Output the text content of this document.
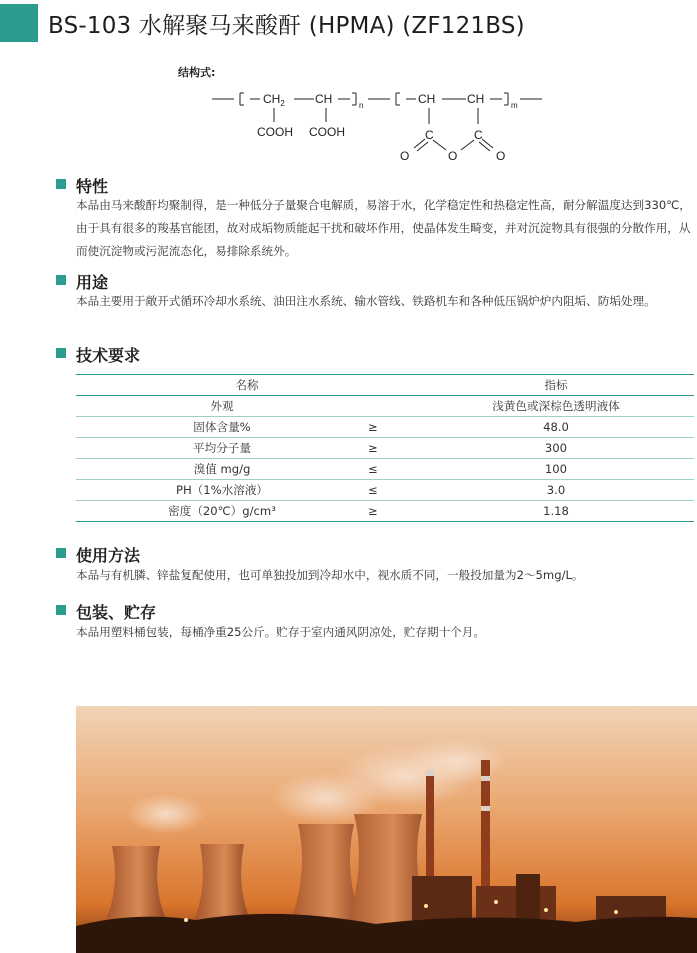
BS-103 水解聚马来酸酐 (HPMA) (ZF121BS)
结构式:
$CH_2$	CH	n	CH	CH	m
COOH COOH	C	C
O	O	O
特性
本品由马来酸酐均聚制得，是一种低分子量聚合电解质，易溶于水，化学稳定性和热稳定性高，耐分解温度达到330℃，由于具有很多的羧基官能团，故对成垢物质能起干扰和破坏作用，使晶体发生畸变，并对沉淀物具有很强的分散作用，从而使沉淀物或污泥流态化，易排除系统外。
用途
本品主要用于敞开式循环冷却水系统、油田注水系统、输水管线、铁路机车和各种低压锅炉炉内阻垢、防垢处理。
技术要求
名称		指标
外观		浅黄色或深棕色透明液体
固体含量%	≥	48.0
平均分子量	≥	300
溴值 mg/g	≤	100
PH（1%水溶液）	≤	3.0
密度（20℃）g/cm³	≥	1.18
使用方法
本品与有机膦、锌盐复配使用，也可单独投加到冷却水中，视水质不同，一般投加量为2～5mg/L。
包装、贮存
本品用塑料桶包装，每桶净重25公斤。贮存于室内通风阴凉处，贮存期十个月。
